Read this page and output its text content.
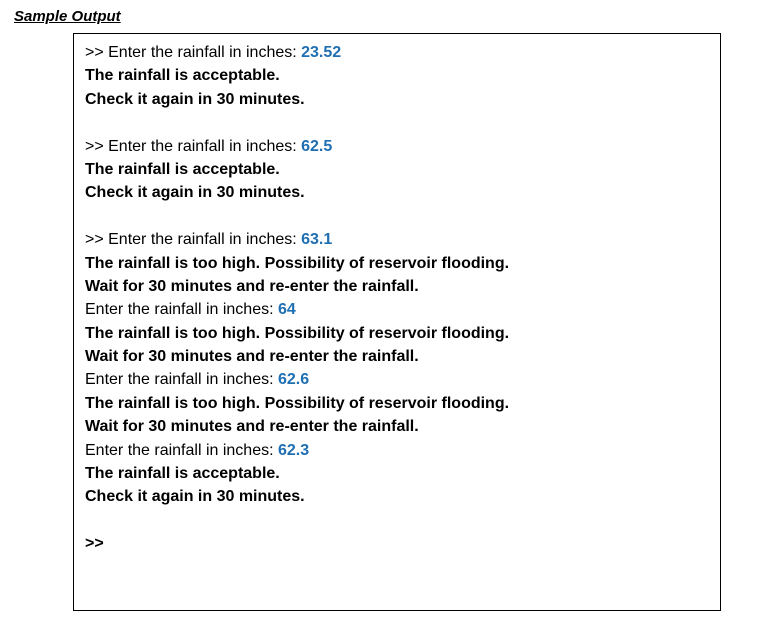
Sample Output
>> Enter the rainfall in inches: 23.52
The rainfall is acceptable.
Check it again in 30 minutes.
>> Enter the rainfall in inches: 62.5
The rainfall is acceptable.
Check it again in 30 minutes.
>> Enter the rainfall in inches: 63.1
The rainfall is too high. Possibility of reservoir flooding.
Wait for 30 minutes and re-enter the rainfall.
Enter the rainfall in inches: 64
The rainfall is too high. Possibility of reservoir flooding.
Wait for 30 minutes and re-enter the rainfall.
Enter the rainfall in inches: 62.6
The rainfall is too high. Possibility of reservoir flooding.
Wait for 30 minutes and re-enter the rainfall.
Enter the rainfall in inches: 62.3
The rainfall is acceptable.
Check it again in 30 minutes.
>>
